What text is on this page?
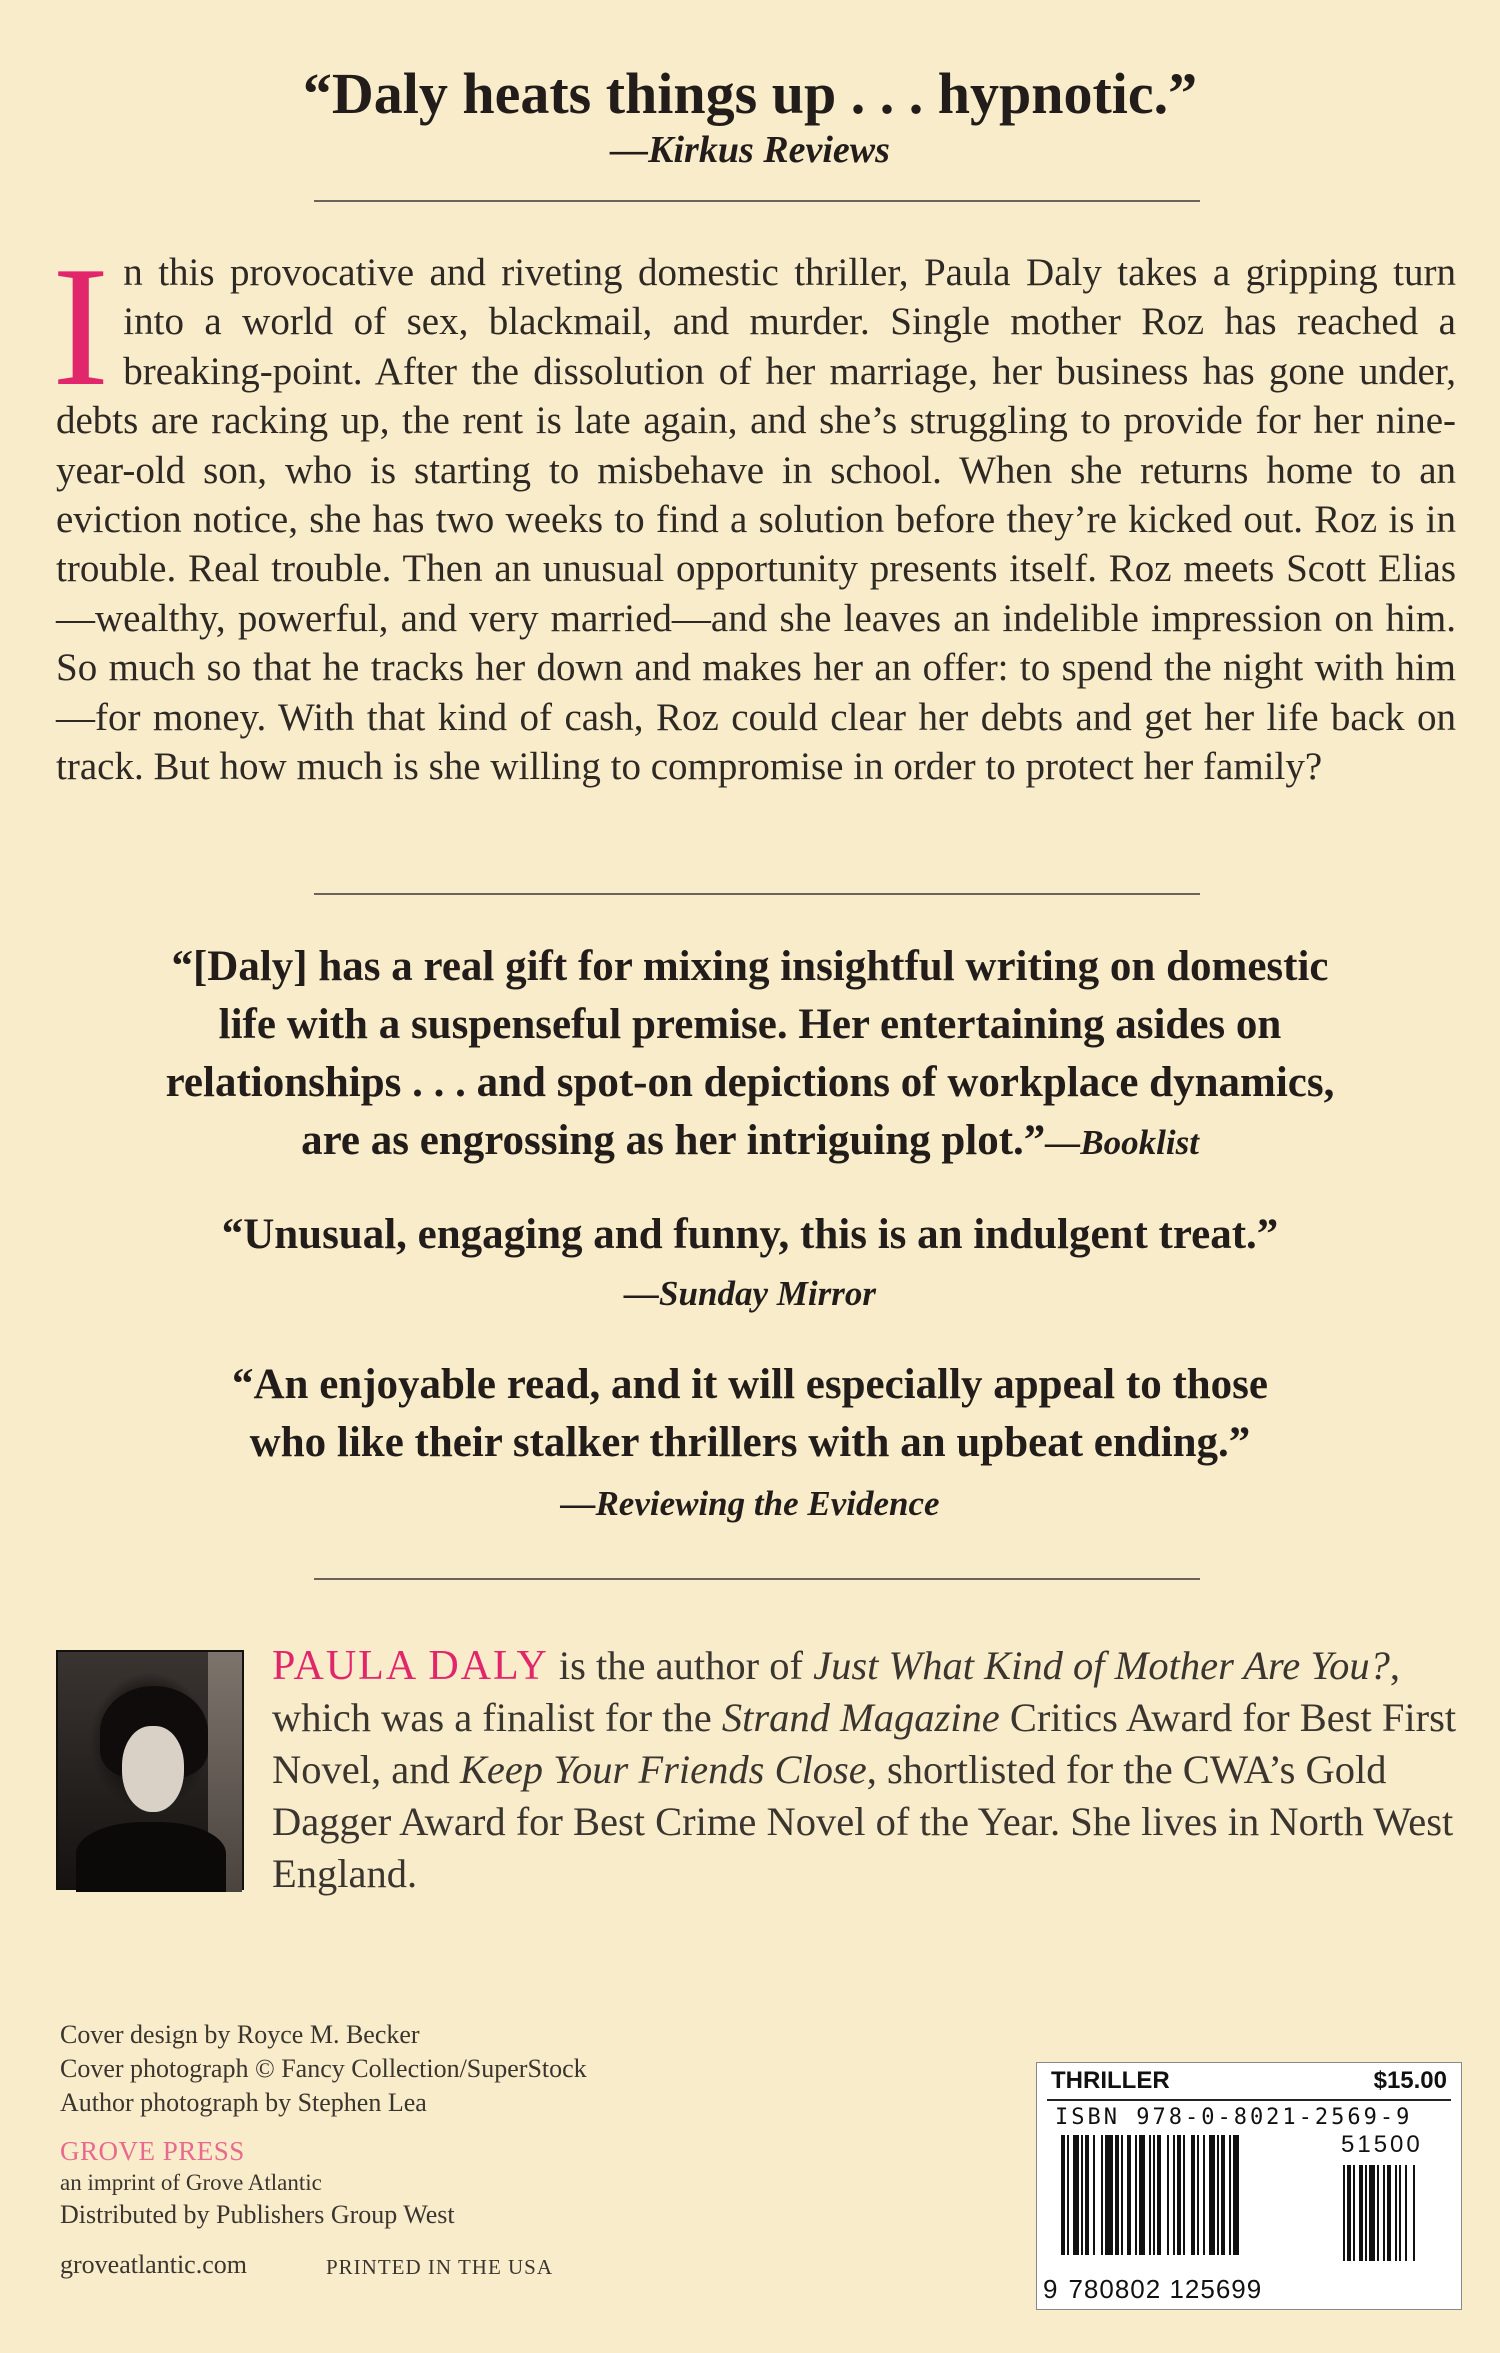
“Daly heats things up . . . hypnotic.”
—Kirkus Reviews
In this provocative and riveting domestic thriller, Paula Daly takes a gripping turn into a world of sex, blackmail, and murder. Single mother Roz has reached a breaking-point. After the dissolution of her marriage, her business has gone under, debts are racking up, the rent is late again, and she’s struggling to provide for her nine-year-old son, who is starting to misbehave in school. When she returns home to an eviction notice, she has two weeks to find a solution before they’re kicked out. Roz is in trouble. Real trouble. Then an unusual opportunity presents itself. Roz meets Scott Elias—wealthy, powerful, and very married—and she leaves an indelible impression on him. So much so that he tracks her down and makes her an offer: to spend the night with him—for money. With that kind of cash, Roz could clear her debts and get her life back on track. But how much is she willing to compromise in order to protect her family?
“[Daly] has a real gift for mixing insightful writing on domestic
life with a suspenseful premise. Her entertaining asides on
relationships . . . and spot-on depictions of workplace dynamics,
are as engrossing as her intriguing plot.”—Booklist
“Unusual, engaging and funny, this is an indulgent treat.”
—Sunday Mirror
“An enjoyable read, and it will especially appeal to those
who like their stalker thrillers with an upbeat ending.”
—Reviewing the Evidence
PAULA DALY is the author of Just What Kind of Mother Are You?, which was a finalist for the Strand Magazine Critics Award for Best First Novel, and Keep Your Friends Close, shortlisted for the CWA’s Gold Dagger Award for Best Crime Novel of the Year. She lives in North West England.
Cover design by Royce M. Becker
Cover photograph © Fancy Collection/SuperStock
Author photograph by Stephen Lea
GROVE PRESS
an imprint of Grove Atlantic
Distributed by Publishers Group West
groveatlantic.com	PRINTED IN THE USA
THRILLER	$15.00
ISBN 978-0-8021-2569-9
51500
9 780802 125699
